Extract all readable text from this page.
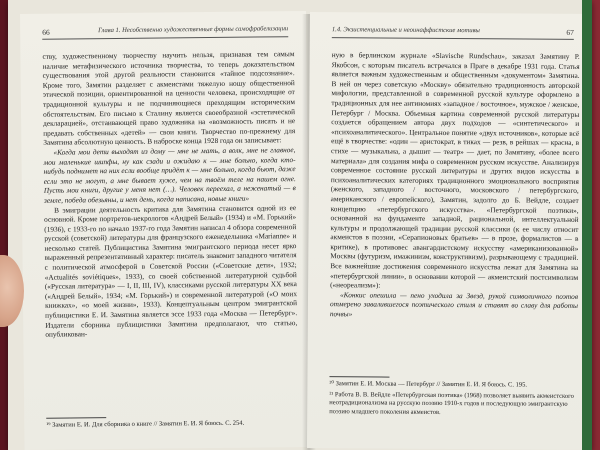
66	Глава 1. Несобственно художественные формы самофрабелизации

ству, художественному творчеству научить нельзя, признавая тем самым наличие метафизического источника творчества, то теперь доказательством существования этой другой реальности становится «тайное подсознание». Кроме того, Замятин разделяет с акмеистами тяжелую ношу общественной этической позиции, ориентированной на ценности человека, происходящие от традиционной культуры и не подчиняющиеся преходящим историческим обстоятельствам. Его письмо к Сталину является своеобразной «эстетической декларацией», отстаивающей право художника на «возможность писать и не предавать собственных «детей» — свои книги. Творчество по-прежнему для Замятина абсолютную ценность. В наброске конца 1928 года он записывает:

«Когда мои дети выходят из дому — мне не мать, а волк, мне не главное, мои маленькие шипфы, ну как сзади и ожидаю к — мне больно, когда кто-нибудь поднимет на них если вообще придёт к — мне больно, когда бьют, даже если это не могут, а мне бывает хуже, чем на твоём теле на нашем огне. Пусть мои книги, другие у меня нет (…). Человек переехал, а неженатый — в земле, победа обезьяны, и нет день, когда написана, новые книги»

В эмиграции деятельность критика для Замятина становится одной из ее основной. Кроме портретов-некрологов «Андрей Белый» (1934) и «М. Горький» (1936), с 1933-го по начало 1937-го года Замятин написал 4 обзора современной русской (советской) литературы для французского еженедельника «Marianne» и несколько статей. Публицистика Замятина эмигрантского периода несет ярко выраженный репрезентативный характер: писатель знакомит западного читателя с политической атмосферой в Советской России («Советские дети», 1932; «Actualités soviétiques», 1933), со своей собственной литературной судьбой («Русская литература» — I, II, III, IV), классиками русской литературы XX века («Андрей Белый», 1934; «М. Горький») и современной литературой («О моих книжках», «о моей жизни», 1933). Концептуальным центром эмигрантской публицистики Е. И. Замятина является эссе 1933 года «Москва — Петербург». Издатели сборника публицистики Замятина предполагают, что статью, опубликован-

¹⁹ Замятин Е. И. Для сборника о книге // Замятин Е. И. Я боюсь. С. 254.

1.4. Экзистенциальные и неоинаффистские мотивы	67

ную в берлинском журнале «Slavische Rundschau», заказал Замятину Р. Якобсон, с которым писатель встречался в Праге в декабре 1931 года. Статья является важным художественным и общественным «документом» Замятина. В ней он через советскую «Москву» обязательно традиционность авторской мифологии, представленной в современной русской культуре оформлено в традиционных для нее антиномиях «западное / восточное», мужское / женское, Петербург / Москва. Объемная картина современной русской литературы создается обращением автора двух подходов — «синтетического» и «психоаналитического». Центральное понятие «двух источников», которые всё ещё в творчестве: «один — аристократ, в тиках — резв, в рейшах — красна, в стихе — музыкальна, а дышит — театр» — дает, по Замятину, «более всего материала» для создания мифа о современном русском искусстве. Анализируя современное состояние русской литературы и других видов искусства в психоаналитических категориях традиционного эмоционального восприятия (женского, западного / восточного, московского / петербургского, американского / европейского), Замятин, задолго до Б. Вейдле, создает концепцию «петербургского искусства». «Петербургской поэтики», основанной на фундаменте западной, рациональной, интеллектуальной культуры и продолжающей традиции русской классики (к ее числу относит акмеистов в поэзии, «Серапионовых братьев» — в прозе, формалистов — в критике), в противовес авангардистскому искусству «американизованной» Москвы (футуризм, имажинизм, конструктивизм), разрывающему с традицией. Все важнейшие достижения современного искусства лежат для Замятина на «петербургской линии», в основании которой — акмеистский постсимволизм («неореализм»):

«Конкис опешила — пено уходила за Звезд, рукой символичного поэтов отмерено завалившегося поэтического стиля и ставят во славу для работы почвы»

²⁰ Замятин Е. И. Москва — Петербург // Замятин Е. И. Я боюсь. С. 195.

²¹ Работа В. В. Вейдле «Петербургская поэтика» (1968) позволяет выявить акмеистского неотрадиционализма на русскую поэзию 1910-х годов и последующую эмигрантскую поэзию младшего поколения акмеистов.
